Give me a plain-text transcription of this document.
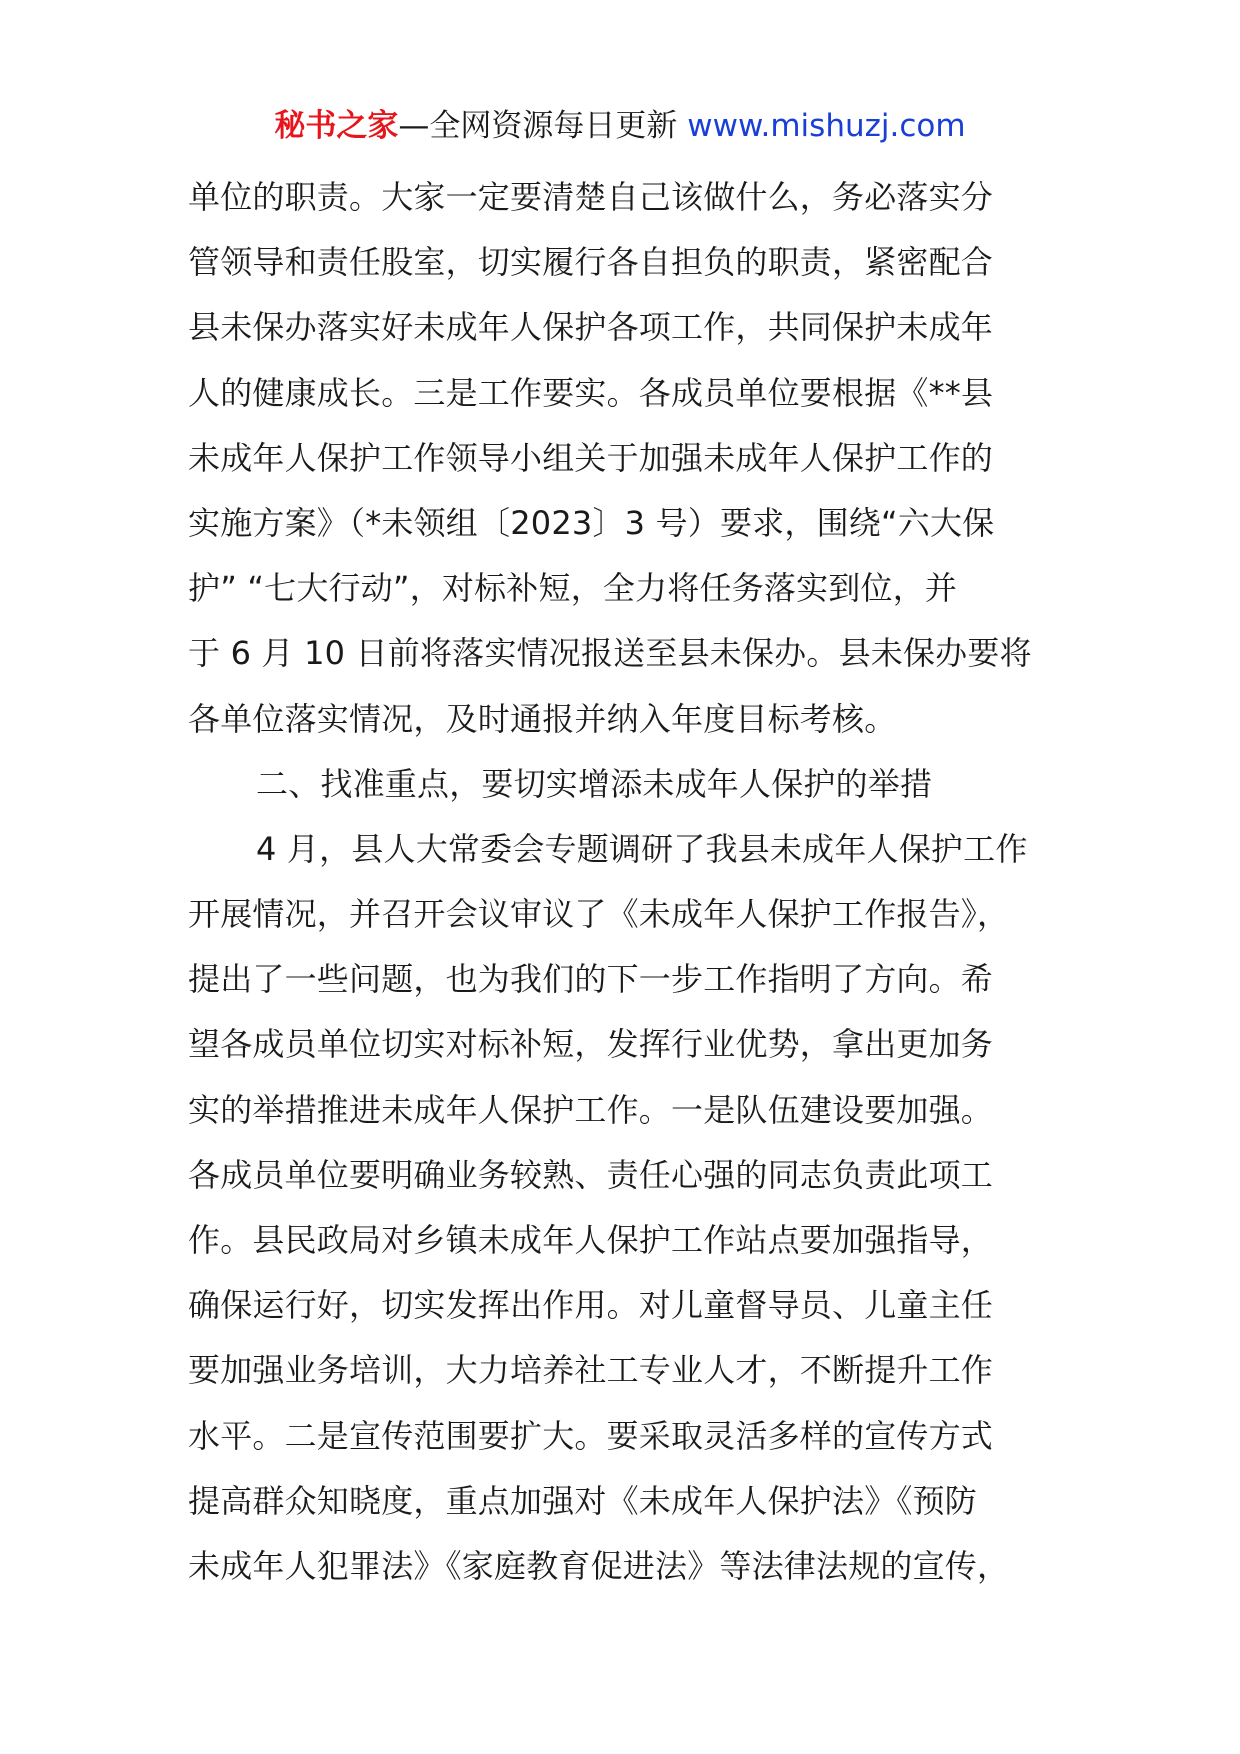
秘书之家—全网资源每日更新 www.mishuzj.com
单位的职责。大家一定要清楚自己该做什么，务必落实分
管领导和责任股室，切实履行各自担负的职责，紧密配合
县未保办落实好未成年人保护各项工作，共同保护未成年
人的健康成长。三是工作要实。各成员单位要根据《**县
未成年人保护工作领导小组关于加强未成年人保护工作的
实施方案》（*未领组〔2023〕3 号）要求，围绕“六大保
护” “七大行动”，对标补短，全力将任务落实到位，并
于 6 月 10 日前将落实情况报送至县未保办。县未保办要将
各单位落实情况，及时通报并纳入年度目标考核。
二、找准重点，要切实增添未成年人保护的举措
4 月，县人大常委会专题调研了我县未成年人保护工作
开展情况，并召开会议审议了《未成年人保护工作报告》，
提出了一些问题，也为我们的下一步工作指明了方向。希
望各成员单位切实对标补短，发挥行业优势，拿出更加务
实的举措推进未成年人保护工作。一是队伍建设要加强。
各成员单位要明确业务较熟、责任心强的同志负责此项工
作。县民政局对乡镇未成年人保护工作站点要加强指导，
确保运行好，切实发挥出作用。对儿童督导员、儿童主任
要加强业务培训，大力培养社工专业人才，不断提升工作
水平。二是宣传范围要扩大。要采取灵活多样的宣传方式
提高群众知晓度，重点加强对《未成年人保护法》《预防
未成年人犯罪法》《家庭教育促进法》等法律法规的宣传，
